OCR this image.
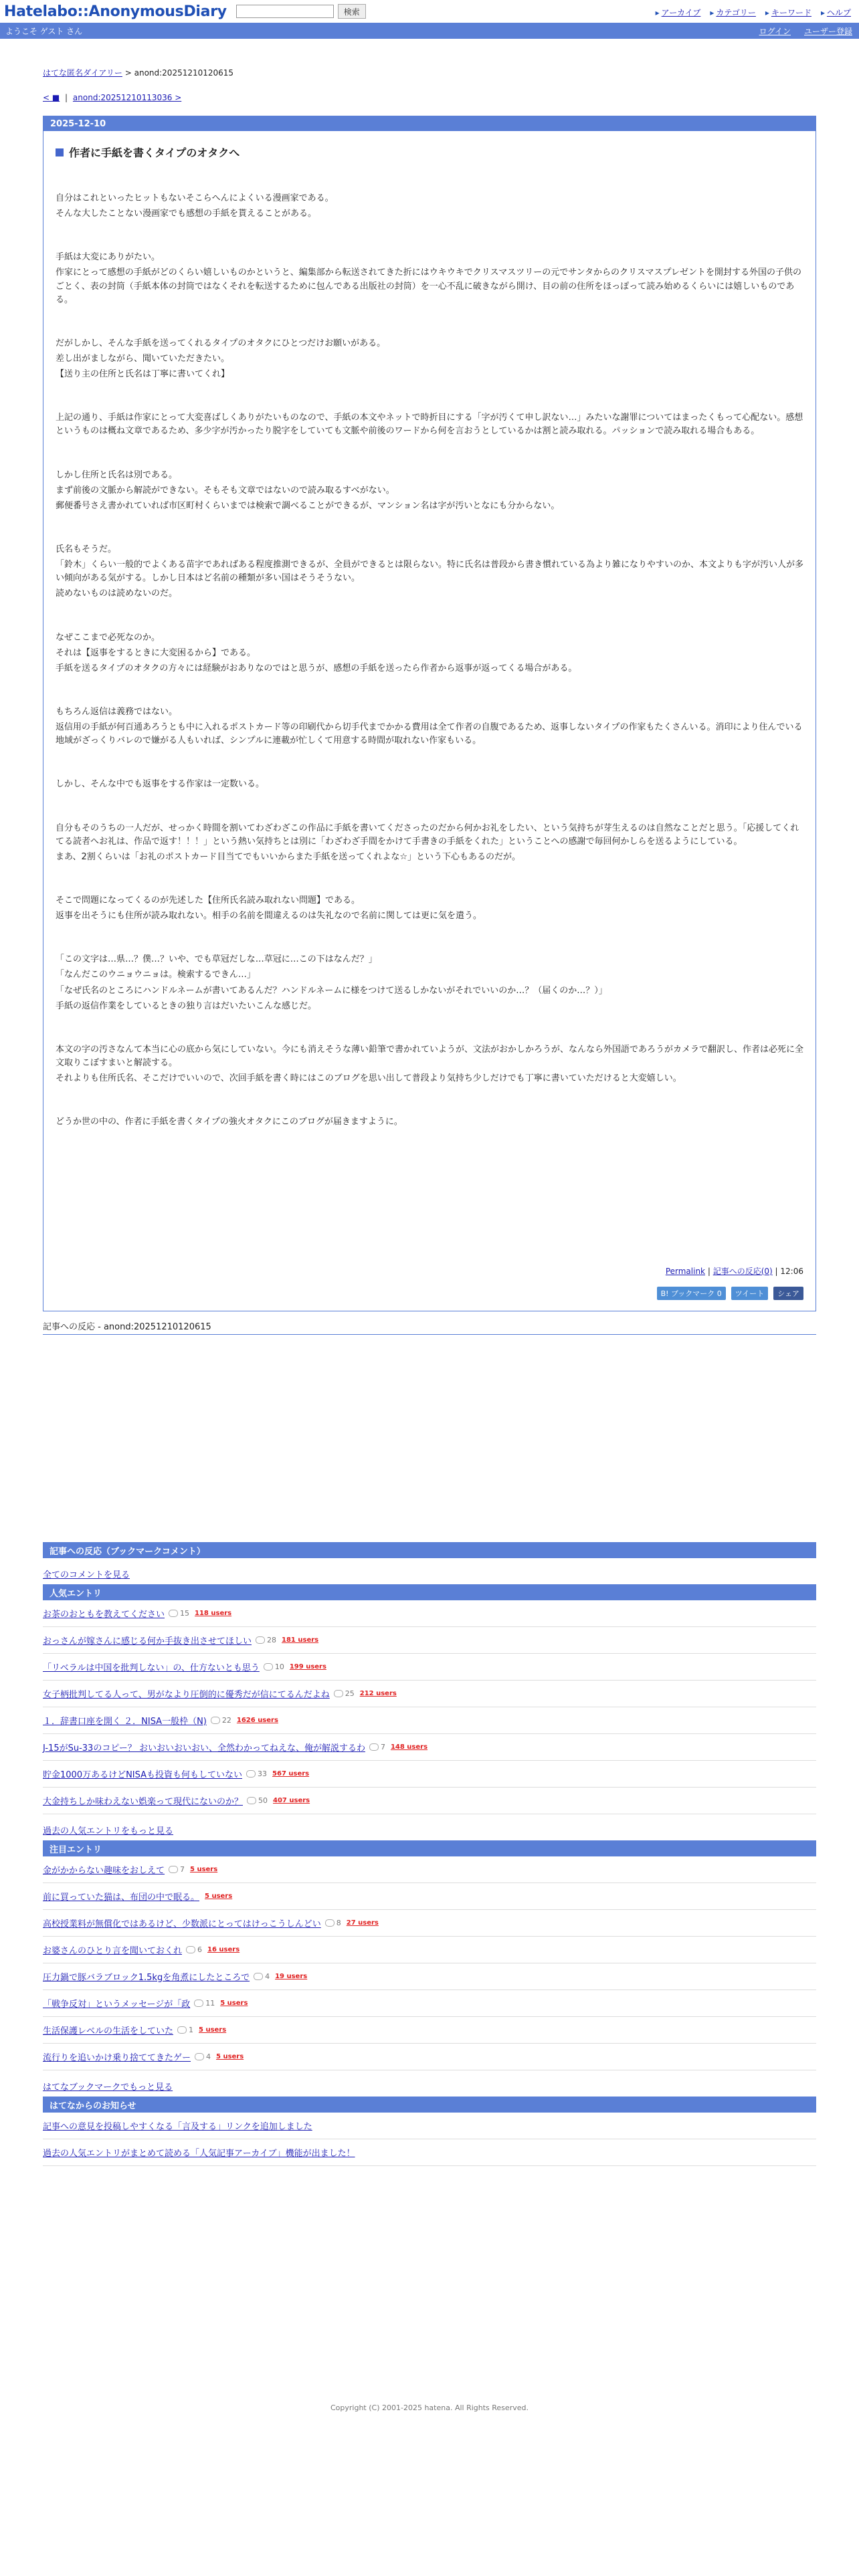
Hatelabo::AnonymousDiary	検索	▸ アーカイブ ▸ カテゴリー ▸ キーワード ▸ ヘルプ
ようこそ ゲスト さん	ログイン ユーザー登録
はてな匿名ダイアリー > anond:20251210120615
< ■ | anond:20251210113036 >
2025-12-10
作者に手紙を書くタイプのオタクへ

自分はこれといったヒットもないそこらへんによくいる漫画家である。

そんな大したことない漫画家でも感想の手紙を貰えることがある。

手紙は大変にありがたい。

作家にとって感想の手紙がどのくらい嬉しいものかというと、編集部から転送されてきた折にはウキウキでクリスマスツリーの元でサンタからのクリスマスプレゼントを開封する外国の子供のごとく、表の封筒（手紙本体の封筒ではなくそれを転送するために包んである出版社の封筒）を一心不乱に破きながら開け、目の前の住所をほっぽって読み始めるくらいには嬉しいものである。

だがしかし、そんな手紙を送ってくれるタイプのオタクにひとつだけお願いがある。

差し出がましながら、聞いていただきたい。

【送り主の住所と氏名は丁寧に書いてくれ】

上記の通り、手紙は作家にとって大変喜ばしくありがたいものなので、手紙の本文やネットで時折目にする「字が汚くて申し訳ない…」みたいな謝罪についてはまったくもって心配ない。感想というものは概ね文章であるため、多少字が汚かったり脱字をしていても文脈や前後のワードから何を言おうとしているかは割と読み取れる。パッションで読み取れる場合もある。

しかし住所と氏名は別である。

まず前後の文脈から解読ができない。そもそも文章ではないので読み取るすべがない。

郵便番号さえ書かれていれば市区町村くらいまでは検索で調べることができるが、マンション名は字が汚いとなにも分からない。

氏名もそうだ。

「鈴木」くらい一般的でよくある苗字であればある程度推測できるが、全員ができるとは限らない。特に氏名は普段から書き慣れている為より雑になりやすいのか、本文よりも字が汚い人が多い傾向がある気がする。しかし日本はど名前の種類が多い国はそうそうない。

読めないものは読めないのだ。

なぜここまで必死なのか。

それは【返事をするときに大変困るから】である。

手紙を送るタイプのオタクの方々には経験がおありなのではと思うが、感想の手紙を送ったら作者から返事が返ってくる場合がある。

もちろん返信は義務ではない。

返信用の手紙が何百通あろうとも中に入れるポストカード等の印刷代から切手代までかかる費用は全て作者の自腹であるため、返事しないタイプの作家もたくさんいる。消印により住んでいる地域がざっくりバレので嫌がる人もいれば、シンプルに連載が忙しくて用意する時間が取れない作家もいる。

しかし、そんな中でも返事をする作家は一定数いる。

自分もそのうちの一人だが、せっかく時間を割いてわざわざこの作品に手紙を書いてくださったのだから何かお礼をしたい、という気持ちが芽生えるのは自然なことだと思う。「応援してくれてる読者へお礼は、作品で返す！！！」という熱い気持ちとは別に「わざわざ手間をかけて手書きの手紙をくれた」ということへの感謝で毎回何かしらを送るようにしている。

まあ、2割くらいは「お礼のポストカード目当てでもいいからまた手紙を送ってくれよな☆」という下心もあるのだが。

そこで問題になってくるのが先述した【住所氏名読み取れない問題】である。

返事を出そうにも住所が読み取れない。相手の名前を間違えるのは失礼なので名前に関しては更に気を遣う。

「この文字は…県…？僕…？いや、でも草冠だしな…草冠に…この下はなんだ？」

「なんだこのウニョウニョは。検索するできん…」

「なぜ氏名のところにハンドルネームが書いてあるんだ？ハンドルネームに様をつけて送るしかないがそれでいいのか…？（届くのか…？）」

手紙の返信作業をしているときの独り言はだいたいこんな感じだ。

本文の字の汚さなんて本当に心の底から気にしていない。今にも消えそうな薄い鉛筆で書かれていようが、文法がおかしかろうが、なんなら外国語であろうがカメラで翻訳し、作者は必死に全文取りこぼすまいと解読する。

それよりも住所氏名、そこだけでいいので、次回手紙を書く時にはこのブログを思い出して普段より気持ち少しだけでも丁寧に書いていただけると大変嬉しい。

どうか世の中の、作者に手紙を書くタイプの強火オタクにこのブログが届きますように。

Permalink | 記事への反応(0) | 12:06
B! ブックマーク 0	ツイート	シェア
記事への反応 - anond:20251210120615
記事への反応（ブックマークコメント）
全てのコメントを見る
人気エントリ
お茶のおともを教えてください 15 118 users
おっさんが嫁さんに感じる何か手抜き出させてほしい 28 181 users
「リベラルは中国を批判しない」の、仕方ないとも思う 10 199 users
女子柄批判してる人って、男がなより圧倒的に優秀だが信にてるんだよね 25 212 users
１．辞書口座を開く ２．NISA一般枠（N) 22 1626 users
J-15がSu-33のコピー？ おいおいおいおい、全然わかってねえな、俺が解説するわ 7 148 users
貯金1000万あるけどNISAも投資も何もしていない 33 567 users
大金持ちしか味わえない娯楽って現代にないのか？ 50 407 users
過去の人気エントリをもっと見る
注目エントリ
金がかからない趣味をおしえて 7 5 users
前に買っていた猫は、布団の中で眠る。 5 users
高校授業料が無償化ではあるけど、少数派にとってはけっこうしんどい 8 27 users
お婆さんのひとり言を聞いておくれ 6 16 users
圧力鍋で豚バラブロック1.5kgを角煮にしたところで 4 19 users
「戦争反対」というメッセージが「政 11 5 users
生活保護レベルの生活をしていた 1 5 users
流行りを追いかけ乗り捨ててきたゲー 4 5 users
はてなブックマークでもっと見る
はてなからのお知らせ
記事への意見を投稿しやすくなる「言及する」リンクを追加しました
過去の人気エントリがまとめて読める「人気記事アーカイブ」機能が出ました！
Copyright (C) 2001-2025 hatena. All Rights Reserved.
